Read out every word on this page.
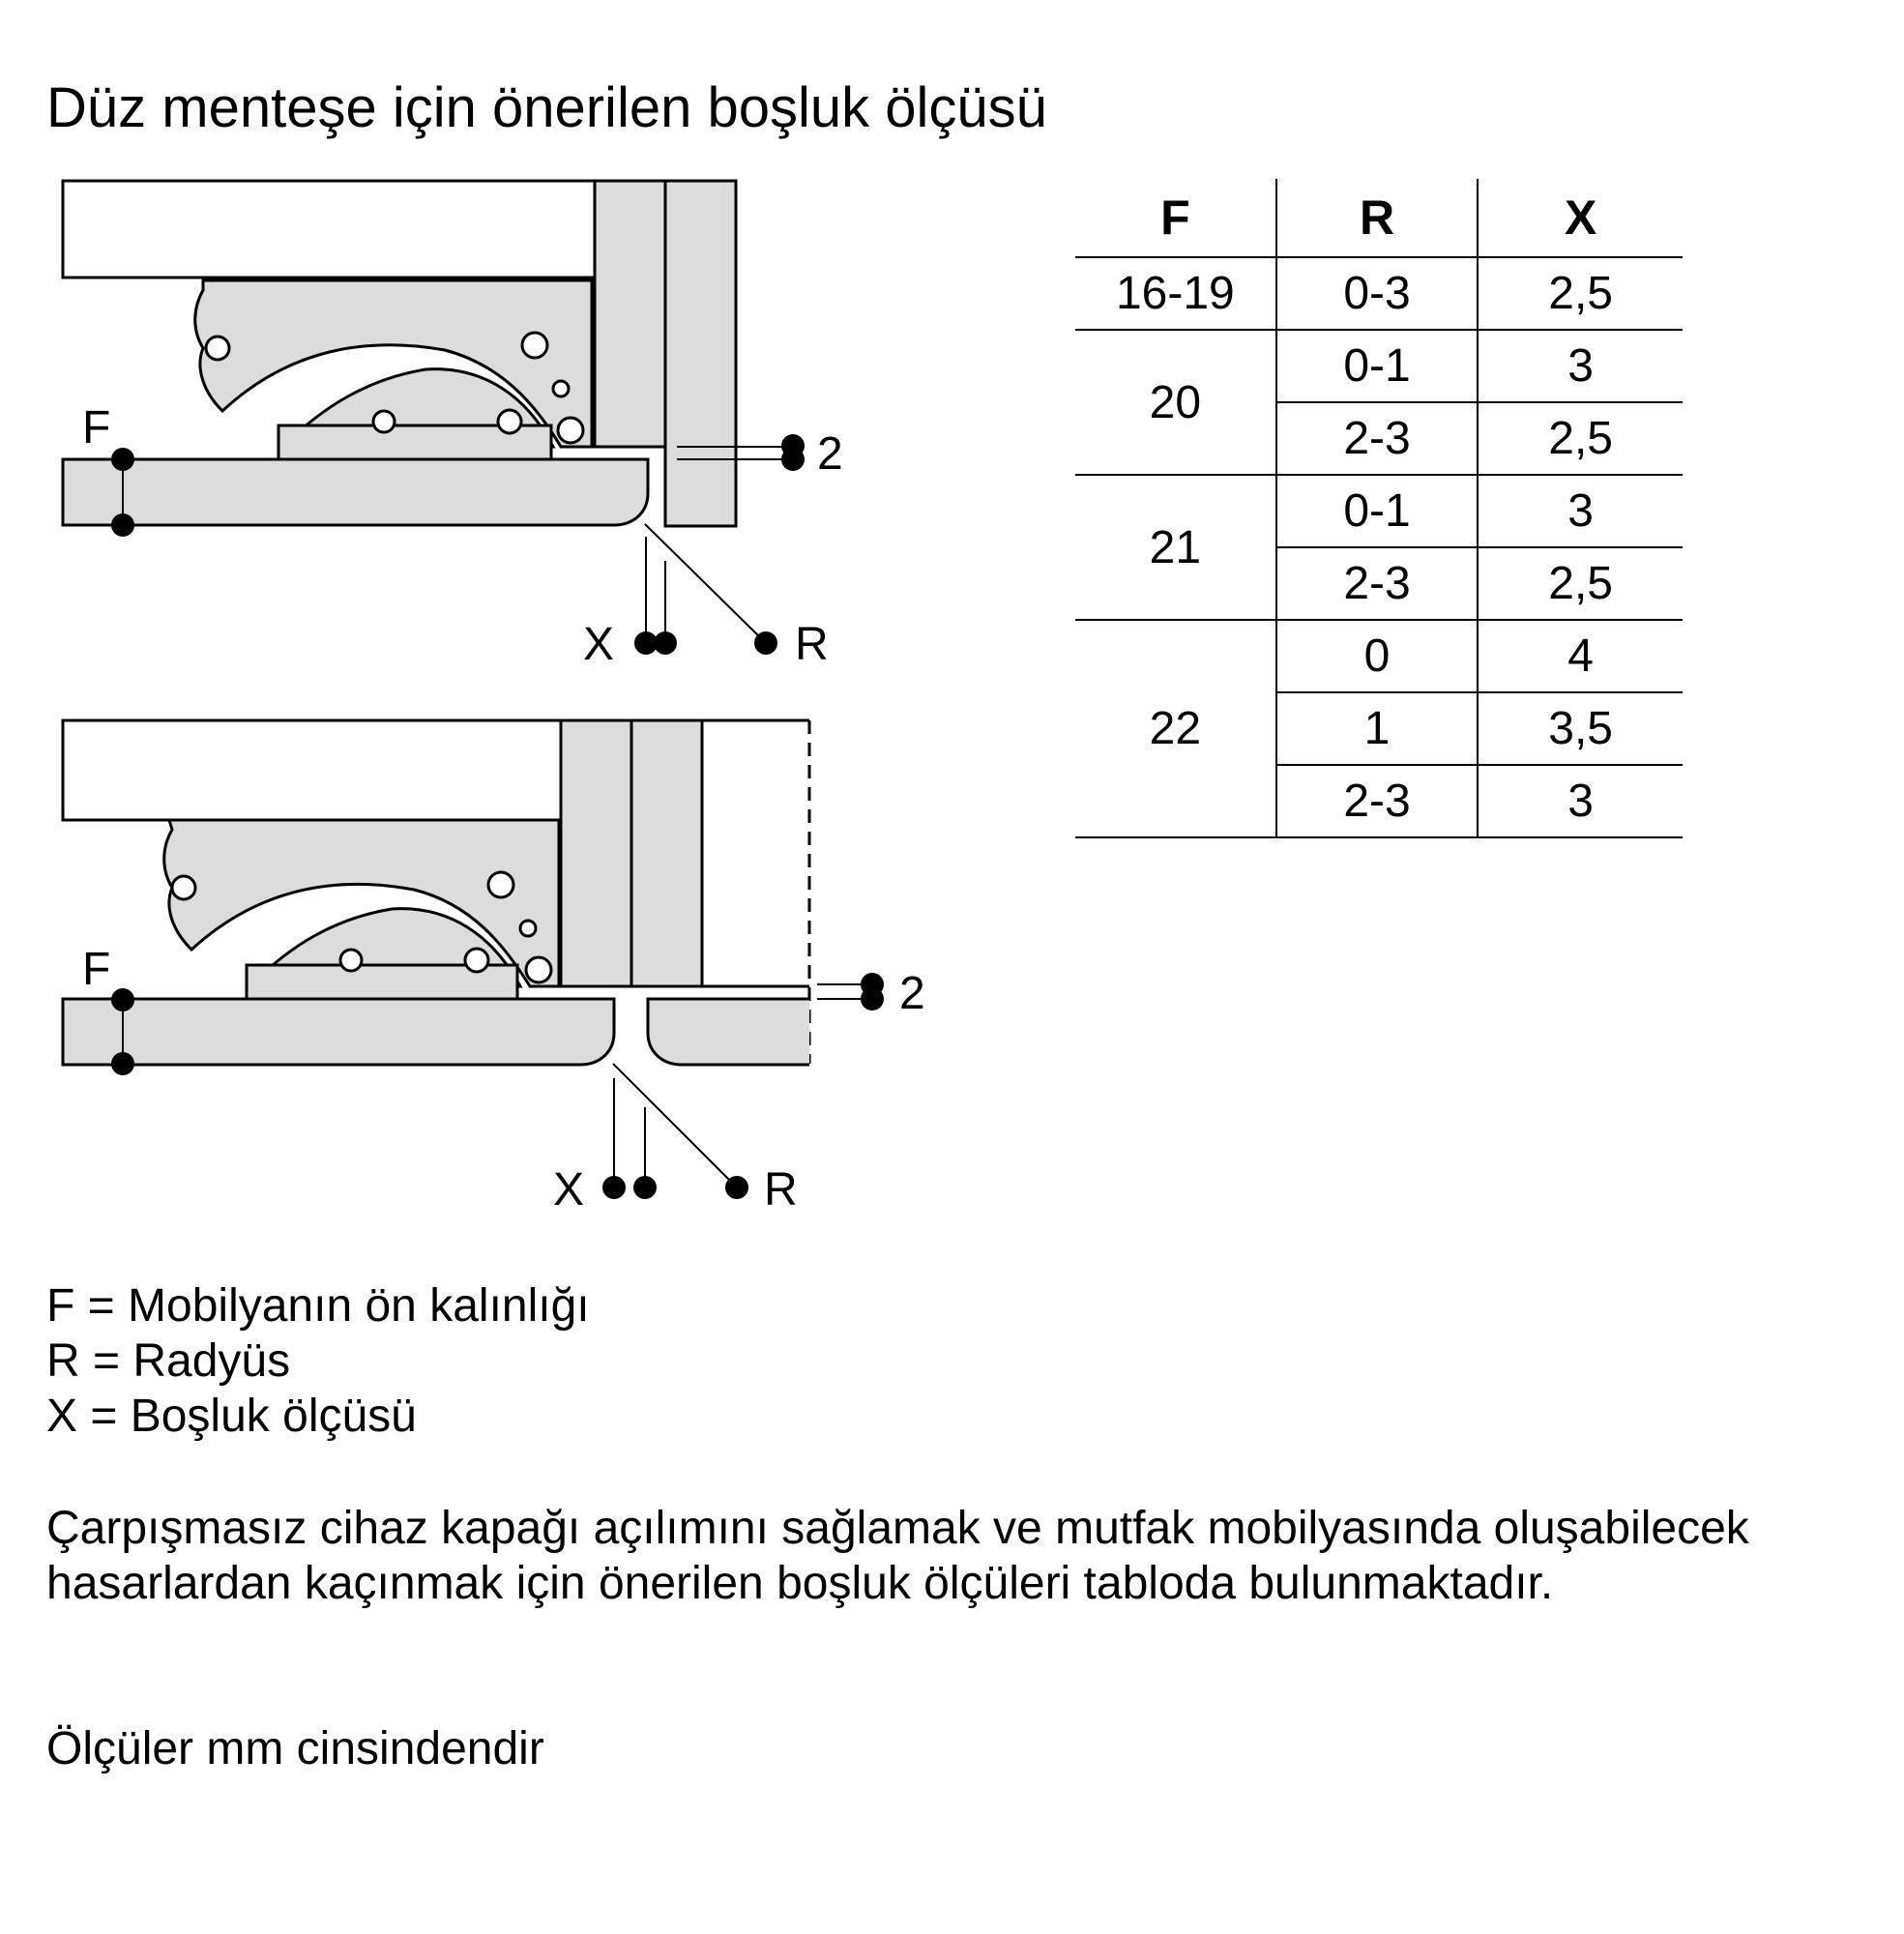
Düz menteşe için önerilen boşluk ölçüsü
F
2
X	R
F	2
X	R
F	R	X
16-19	0-3	2,5
20	0-1	3
	2-3	2,5
21	0-1	3
	2-3	2,5
22	0	4
	1	3,5
	2-3	3
F = Mobilyanın ön kalınlığı
R = Radyüs
X = Boşluk ölçüsü

Çarpışmasız cihaz kapağı açılımını sağlamak ve mutfak mobilyasında oluşabilecek hasarlardan kaçınmak için önerilen boşluk ölçüleri tabloda bulunmaktadır.

Ölçüler mm cinsindendir
